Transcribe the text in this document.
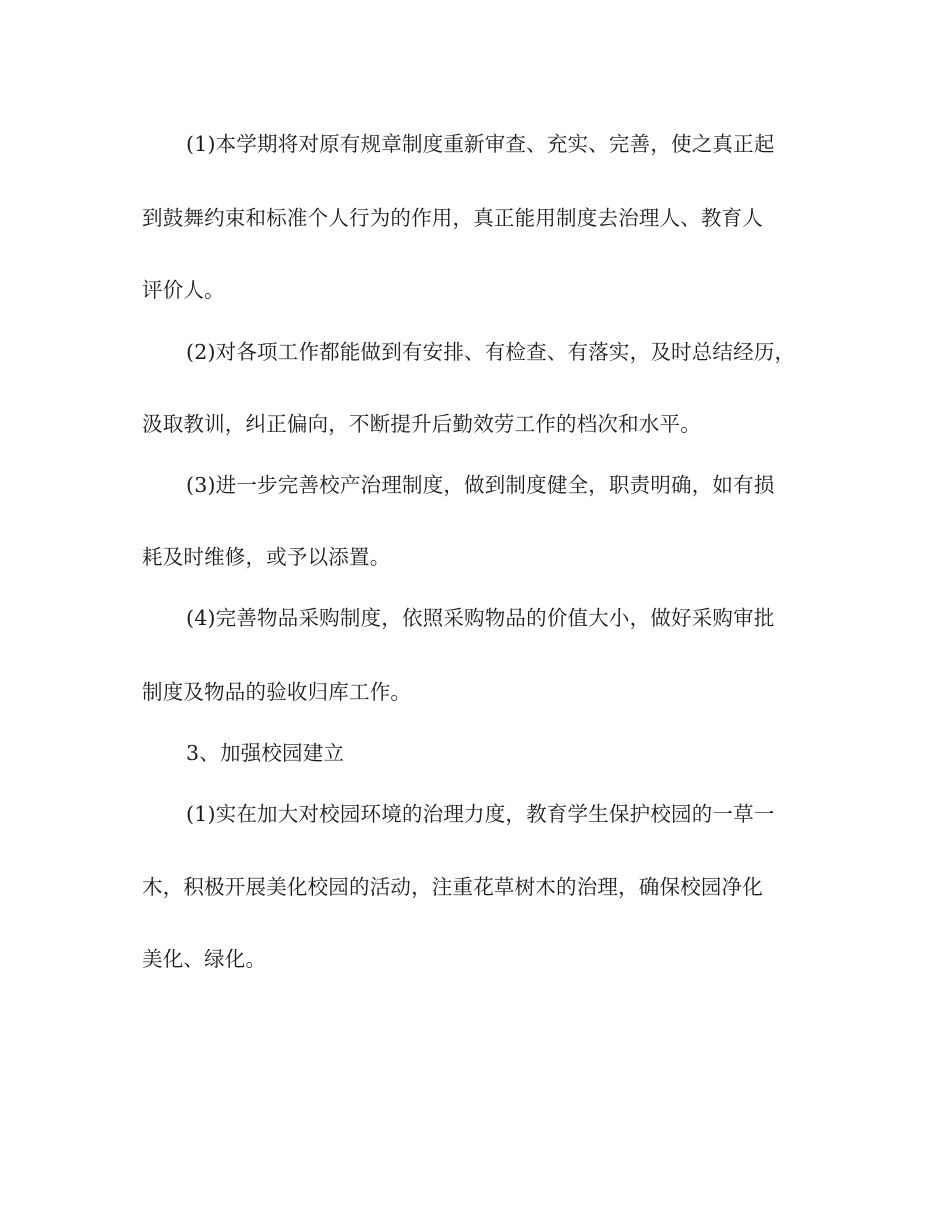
(1)本学期将对原有规章制度重新审查、充实、完善，使之真正起
到鼓舞约束和标准个人行为的作用，真正能用制度去治理人、教育人
评价人。
(2)对各项工作都能做到有安排、有检查、有落实，及时总结经历，
汲取教训，纠正偏向，不断提升后勤效劳工作的档次和水平。
(3)进一步完善校产治理制度，做到制度健全，职责明确，如有损
耗及时维修，或予以添置。
(4)完善物品采购制度，依照采购物品的价值大小，做好采购审批
制度及物品的验收归库工作。
3、加强校园建立
(1)实在加大对校园环境的治理力度，教育学生保护校园的一草一
木，积极开展美化校园的活动，注重花草树木的治理，确保校园净化
美化、绿化。
